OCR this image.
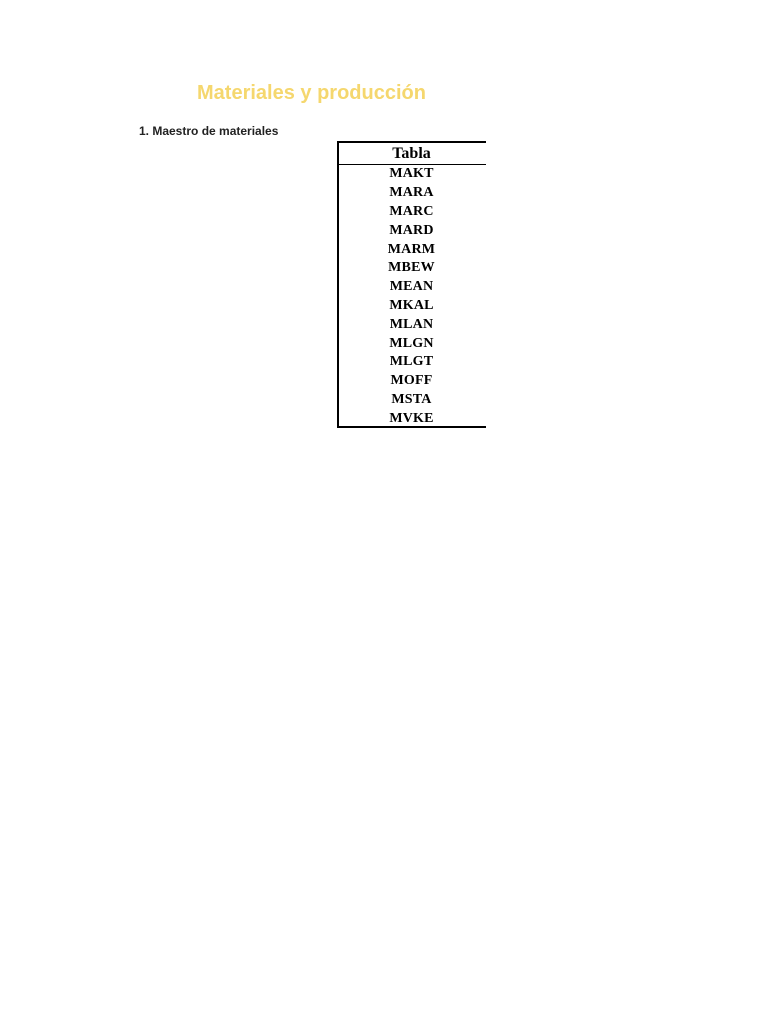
Materiales y producción
1. Maestro de materiales
Tabla
MAKT
MARA
MARC
MARD
MARM
MBEW
MEAN
MKAL
MLAN
MLGN
MLGT
MOFF
MSTA
MVKE
